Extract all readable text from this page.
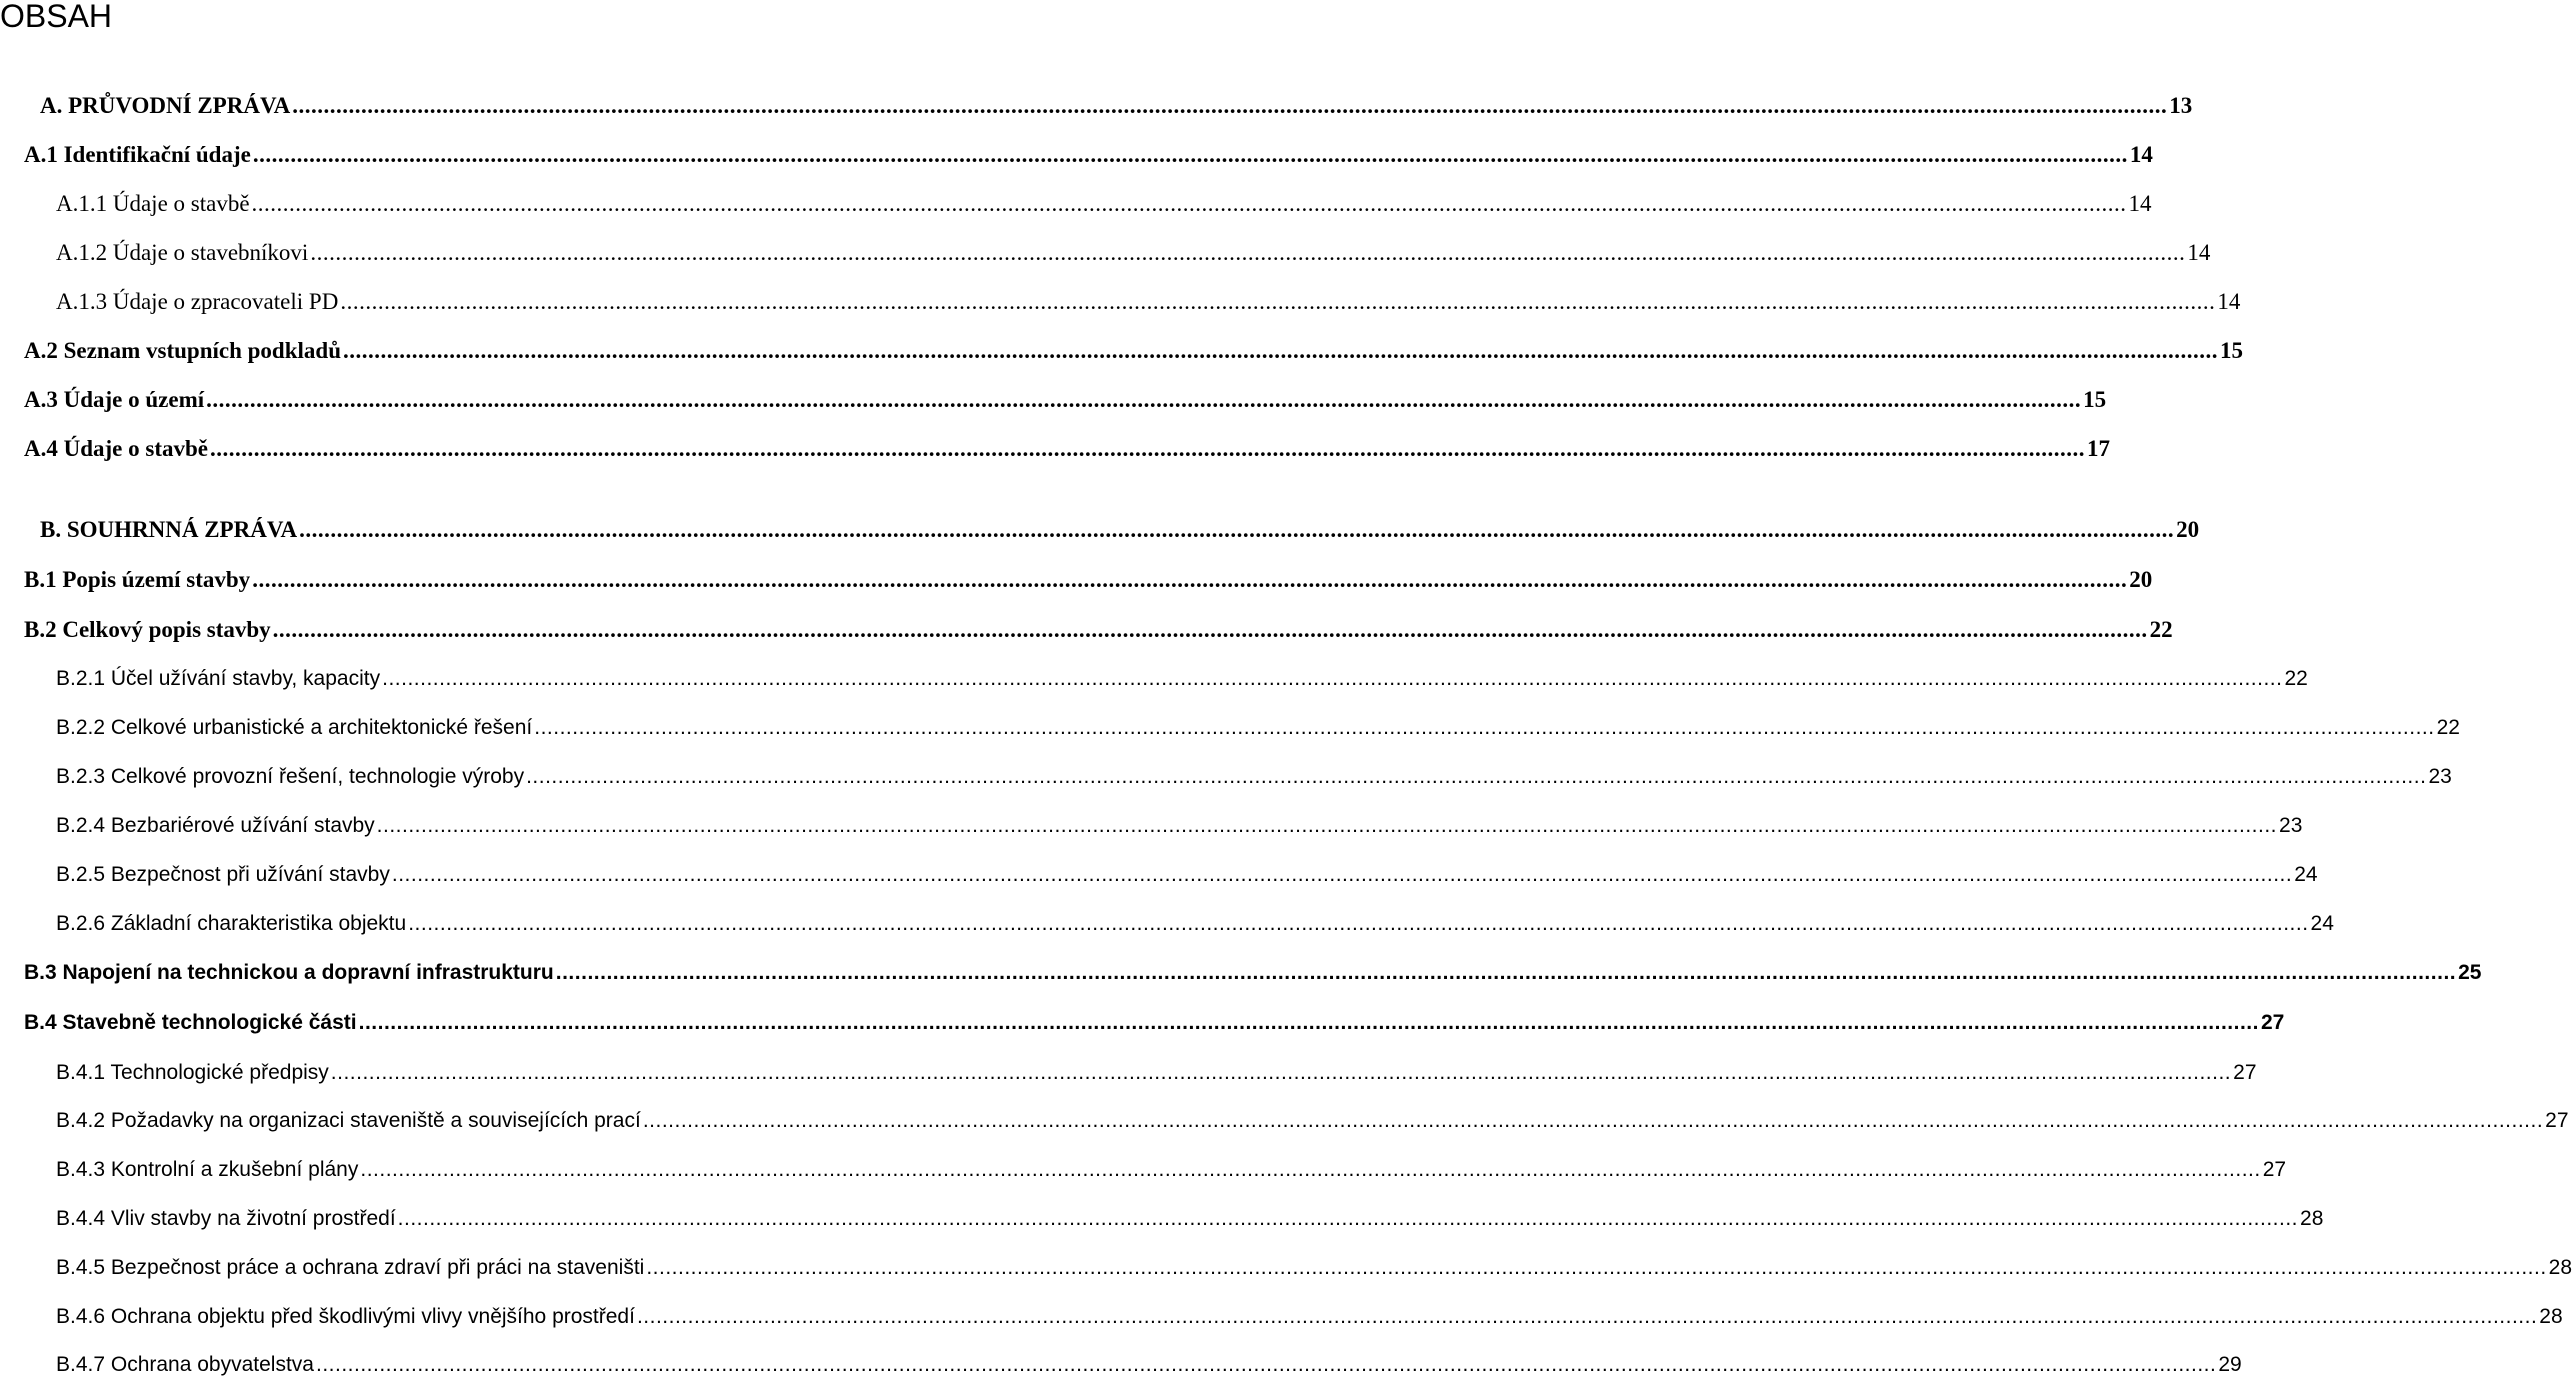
OBSAH
A. PRŮVODNÍ ZPRÁVA ............................................................................................................................................................................................................................................................................................................ 13
A.1 Identifikační údaje ............................................................................................................................................................................................................................................................................................................ 14
A.1.1 Údaje o stavbě ............................................................................................................................................................................................................................................................................................................ 14
A.1.2 Údaje o stavebníkovi ............................................................................................................................................................................................................................................................................................................ 14
A.1.3 Údaje o zpracovateli PD ............................................................................................................................................................................................................................................................................................................ 14
A.2 Seznam vstupních podkladů ............................................................................................................................................................................................................................................................................................................ 15
A.3 Údaje o území ............................................................................................................................................................................................................................................................................................................ 15
A.4 Údaje o stavbě ............................................................................................................................................................................................................................................................................................................ 17
B. SOUHRNNÁ ZPRÁVA ............................................................................................................................................................................................................................................................................................................ 20
B.1 Popis území stavby ............................................................................................................................................................................................................................................................................................................ 20
B.2 Celkový popis stavby ............................................................................................................................................................................................................................................................................................................ 22
B.2.1 Účel užívání stavby, kapacity ............................................................................................................................................................................................................................................................................................................ 22
B.2.2 Celkové urbanistické a architektonické řešení ............................................................................................................................................................................................................................................................................................................ 22
B.2.3 Celkové provozní řešení, technologie výroby ............................................................................................................................................................................................................................................................................................................ 23
B.2.4 Bezbariérové užívání stavby ............................................................................................................................................................................................................................................................................................................ 23
B.2.5 Bezpečnost při užívání stavby ............................................................................................................................................................................................................................................................................................................ 24
B.2.6 Základní charakteristika objektu ............................................................................................................................................................................................................................................................................................................ 24
B.3 Napojení na technickou a dopravní infrastrukturu ............................................................................................................................................................................................................................................................................................................ 25
B.4 Stavebně technologické části ............................................................................................................................................................................................................................................................................................................ 27
B.4.1 Technologické předpisy ............................................................................................................................................................................................................................................................................................................ 27
B.4.2 Požadavky na organizaci staveniště a souvisejících prací ............................................................................................................................................................................................................................................................................................................ 27
B.4.3 Kontrolní a zkušební plány ............................................................................................................................................................................................................................................................................................................ 27
B.4.4 Vliv stavby na životní prostředí ............................................................................................................................................................................................................................................................................................................ 28
B.4.5 Bezpečnost práce a ochrana zdraví při práci na staveništi ............................................................................................................................................................................................................................................................................................................ 28
B.4.6 Ochrana objektu před škodlivými vlivy vnějšího prostředí ............................................................................................................................................................................................................................................................................................................ 28
B.4.7 Ochrana obyvatelstva ............................................................................................................................................................................................................................................................................................................ 29
